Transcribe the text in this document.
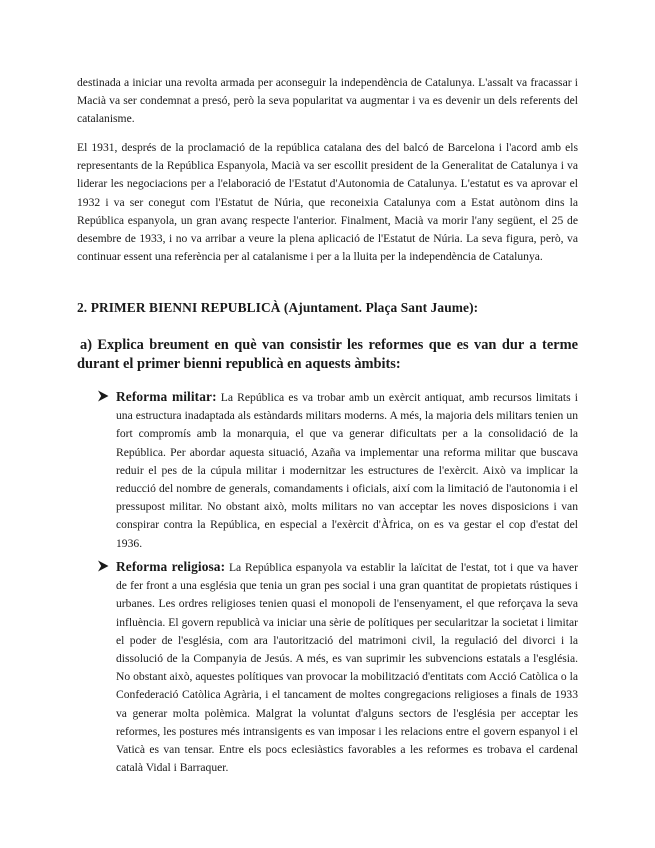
destinada a iniciar una revolta armada per aconseguir la independència de Catalunya. L'assalt va fracassar i Macià va ser condemnat a presó, però la seva popularitat va augmentar i va es devenir un dels referents del catalanisme.

El 1931, després de la proclamació de la república catalana des del balcó de Barcelona i l'acord amb els representants de la República Espanyola, Macià va ser escollit president de la Generalitat de Catalunya i va liderar les negociacions per a l'elaboració de l'Estatut d'Autonomia de Catalunya. L'estatut es va aprovar el 1932 i va ser conegut com l'Estatut de Núria, que reconeixia Catalunya com a Estat autònom dins la República espanyola, un gran avanç respecte l'anterior. Finalment, Macià va morir l'any següent, el 25 de desembre de 1933, i no va arribar a veure la plena aplicació de l'Estatut de Núria. La seva figura, però, va continuar essent una referència per al catalanisme i per a la lluita per la independència de Catalunya.

2. PRIMER BIENNI REPUBLICÀ (Ajuntament. Plaça Sant Jaume):
a) Explica breument en què van consistir les reformes que es van dur a terme durant el primer bienni republicà en aquests àmbits:

Reforma militar: La República es va trobar amb un exèrcit antiquat, amb recursos limitats i una estructura inadaptada als estàndards militars moderns. A més, la majoria dels militars tenien un fort compromís amb la monarquia, el que va generar dificultats per a la consolidació de la República. Per abordar aquesta situació, Azaña va implementar una reforma militar que buscava reduir el pes de la cúpula militar i modernitzar les estructures de l'exèrcit. Això va implicar la reducció del nombre de generals, comandaments i oficials, així com la limitació de l'autonomia i el pressupost militar. No obstant això, molts militars no van acceptar les noves disposicions i van conspirar contra la República, en especial a l'exèrcit d'Àfrica, on es va gestar el cop d'estat del 1936.

Reforma religiosa: La República espanyola va establir la laïcitat de l'estat, tot i que va haver de fer front a una església que tenia un gran pes social i una gran quantitat de propietats rústiques i urbanes. Les ordres religioses tenien quasi el monopoli de l'ensenyament, el que reforçava la seva influència. El govern republicà va iniciar una sèrie de polítiques per secularitzar la societat i limitar el poder de l'església, com ara l'autorització del matrimoni civil, la regulació del divorci i la dissolució de la Companyia de Jesús. A més, es van suprimir les subvencions estatals a l'església. No obstant això, aquestes polítiques van provocar la mobilització d'entitats com Acció Catòlica o la Confederació Catòlica Agrària, i el tancament de moltes congregacions religioses a finals de 1933 va generar molta polèmica. Malgrat la voluntat d'alguns sectors de l'església per acceptar les reformes, les postures més intransigents es van imposar i les relacions entre el govern espanyol i el Vaticà es van tensar. Entre els pocs eclesiàstics favorables a les reformes es trobava el cardenal català Vidal i Barraquer.
